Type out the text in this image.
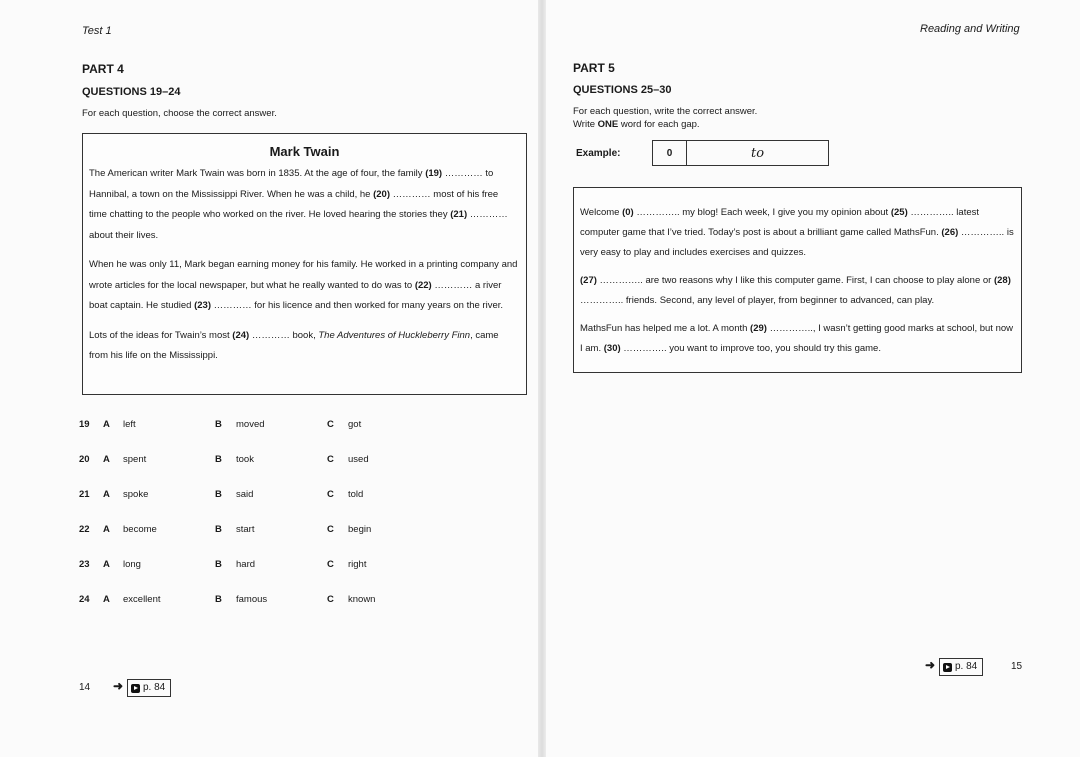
Test 1
PART 4
QUESTIONS 19–24
For each question, choose the correct answer.
Mark Twain
The American writer Mark Twain was born in 1835. At the age of four, the family (19) ………… to Hannibal, a town on the Mississippi River. When he was a child, he (20) ………… most of his free time chatting to the people who worked on the river. He loved hearing the stories they (21) ………… about their lives.
When he was only 11, Mark began earning money for his family. He worked in a printing company and wrote articles for the local newspaper, but what he really wanted to do was to (22) ………… a river boat captain. He studied (23) ………… for his licence and then worked for many years on the river.
Lots of the ideas for Twain’s most (24) ………… book, The Adventures of Huckleberry Finn, came from his life on the Mississippi.
19 A left	B moved	C got
20 A spent	B took	C used
21 A spoke	B said	C told
22 A become	B start	C begin
23 A long	B hard	C right
24 A excellent	B famous	C known
14 ➜ p. 84
Reading and Writing
PART 5
QUESTIONS 25–30
For each question, write the correct answer.
Write ONE word for each gap.
Example:	0	to
Welcome (0) ………….. my blog! Each week, I give you my opinion about (25) ………….. latest computer game that I’ve tried. Today’s post is about a brilliant game called MathsFun. (26) ………….. is very easy to play and includes exercises and quizzes.
(27) ………….. are two reasons why I like this computer game. First, I can choose to play alone or (28) ………….. friends. Second, any level of player, from beginner to advanced, can play.
MathsFun has helped me a lot. A month (29) ………….., I wasn’t getting good marks at school, but now I am. (30) ………….. you want to improve too, you should try this game.
➜ p. 84	15
